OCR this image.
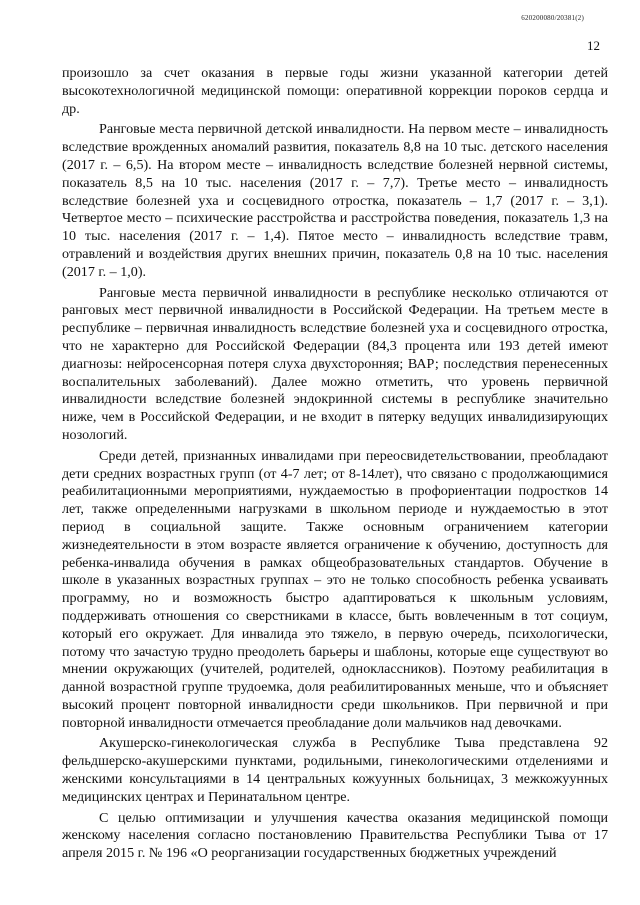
620200080/20381(2)
12

произошло за счет оказания в первые годы жизни указанной категории детей высокотехнологичной медицинской помощи: оперативной коррекции пороков сердца и др.

Ранговые места первичной детской инвалидности. На первом месте – инвалидность вследствие врожденных аномалий развития, показатель 8,8 на 10 тыс. детского населения (2017 г. – 6,5). На втором месте – инвалидность вследствие болезней нервной системы, показатель 8,5 на 10 тыс. населения (2017 г. – 7,7). Третье место – инвалидность вследствие болезней уха и сосцевидного отростка, показатель – 1,7 (2017 г. – 3,1). Четвертое место – психические расстройства и расстройства поведения, показатель 1,3 на 10 тыс. населения (2017 г. – 1,4). Пятое место – инвалидность вследствие травм, отравлений и воздействия других внешних причин, показатель 0,8 на 10 тыс. населения (2017 г. – 1,0).

Ранговые места первичной инвалидности в республике несколько отличаются от ранговых мест первичной инвалидности в Российской Федерации. На третьем месте в республике – первичная инвалидность вследствие болезней уха и сосцевидного отростка, что не характерно для Российской Федерации (84,3 процента или 193 детей имеют диагнозы: нейросенсорная потеря слуха двухсторонняя; ВАР; последствия перенесенных воспалительных заболеваний). Далее можно отметить, что уровень первичной инвалидности вследствие болезней эндокринной системы в республике значительно ниже, чем в Российской Федерации, и не входит в пятерку ведущих инвалидизирующих нозологий.

Среди детей, признанных инвалидами при переосвидетельствовании, преобладают дети средних возрастных групп (от 4-7 лет; от 8-14лет), что связано с продолжающимися реабилитационными мероприятиями, нуждаемостью в профориентации подростков 14 лет, также определенными нагрузками в школьном периоде и нуждаемостью в этот период в социальной защите. Также основным ограничением категории жизнедеятельности в этом возрасте является ограничение к обучению, доступность для ребенка-инвалида обучения в рамках общеобразовательных стандартов. Обучение в школе в указанных возрастных группах – это не только способность ребенка усваивать программу, но и возможность быстро адаптироваться к школьным условиям, поддерживать отношения со сверстниками в классе, быть вовлеченным в тот социум, который его окружает. Для инвалида это тяжело, в первую очередь, психологически, потому что зачастую трудно преодолеть барьеры и шаблоны, которые еще существуют во мнении окружающих (учителей, родителей, одноклассников). Поэтому реабилитация в данной возрастной группе трудоемка, доля реабилитированных меньше, что и объясняет высокий процент повторной инвалидности среди школьников. При первичной и при повторной инвалидности отмечается преобладание доли мальчиков над девочками.

Акушерско-гинекологическая служба в Республике Тыва представлена 92 фельдшерско-акушерскими пунктами, родильными, гинекологическими отделениями и женскими консультациями в 14 центральных кожуунных больницах, 3 межкожуунных медицинских центрах и Перинатальном центре.

С целью оптимизации и улучшения качества оказания медицинской помощи женскому населения согласно постановлению Правительства Республики Тыва от 17 апреля 2015 г. № 196 «О реорганизации государственных бюджетных учреждений
